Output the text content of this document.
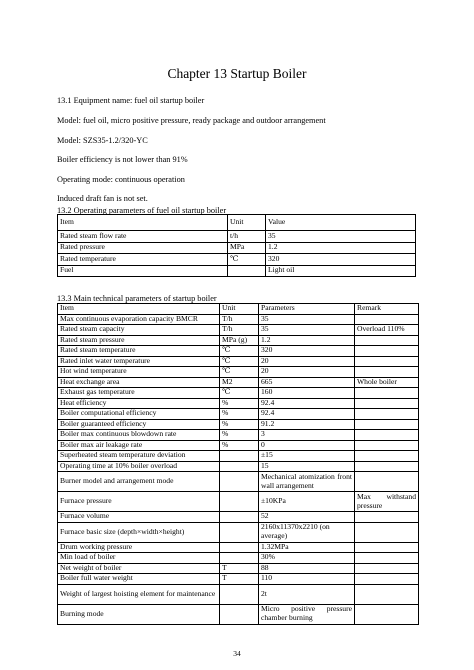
Chapter 13 Startup Boiler
13.1 Equipment name: fuel oil startup boiler
Model: fuel oil, micro positive pressure, ready package and outdoor arrangement
Model: SZS35-1.2/320-YC
Boiler efficiency is not lower than 91%
Operating mode: continuous operation
Induced draft fan is not set.
13.2 Operating parameters of fuel oil startup boiler
Item	Unit	Value
Rated steam flow rate	t/h	35
Rated pressure	MPa	1.2
Rated temperature	℃	320
Fuel		Light oil
13.3 Main technical parameters of startup boiler
Item	Unit	Parameters	Remark
Max continuous evaporation capacity BMCR	T/h	35	
Rated steam capacity	T/h	35	Overload 110%
Rated steam pressure	MPa (g)	1.2	
Rated steam temperature	℃	320	
Rated inlet water temperature	℃	20	
Hot wind temperature	℃	20	
Heat exchange area	M2	665	Whole boiler
Exhaust gas temperature	℃	160	
Heat efficiency	%	92.4	
Boiler computational efficiency	%	92.4	
Boiler guaranteed efficiency	%	91.2	
Boiler max continuous blowdown rate	%	3	
Boiler max air leakage rate	%	0	
Superheated steam temperature deviation		±15	
Operating time at 10% boiler overload		15	
Burner model and arrangement mode		Mechanical atomization front wall arrangement	
Furnace pressure		±10KPa	Max withstand pressure
Furnace volume		52	
Furnace basic size (depth×width×height)		2160x11370x2210 (on average)	
Drum working pressure		1.32MPa	
Min load of boiler		30%	
Net weight of boiler	T	88	
Boiler full water weight	T	110	
Weight of largest hoisting element for maintenance		2t	
Burning mode		Micro positive pressure chamber burning	
34
